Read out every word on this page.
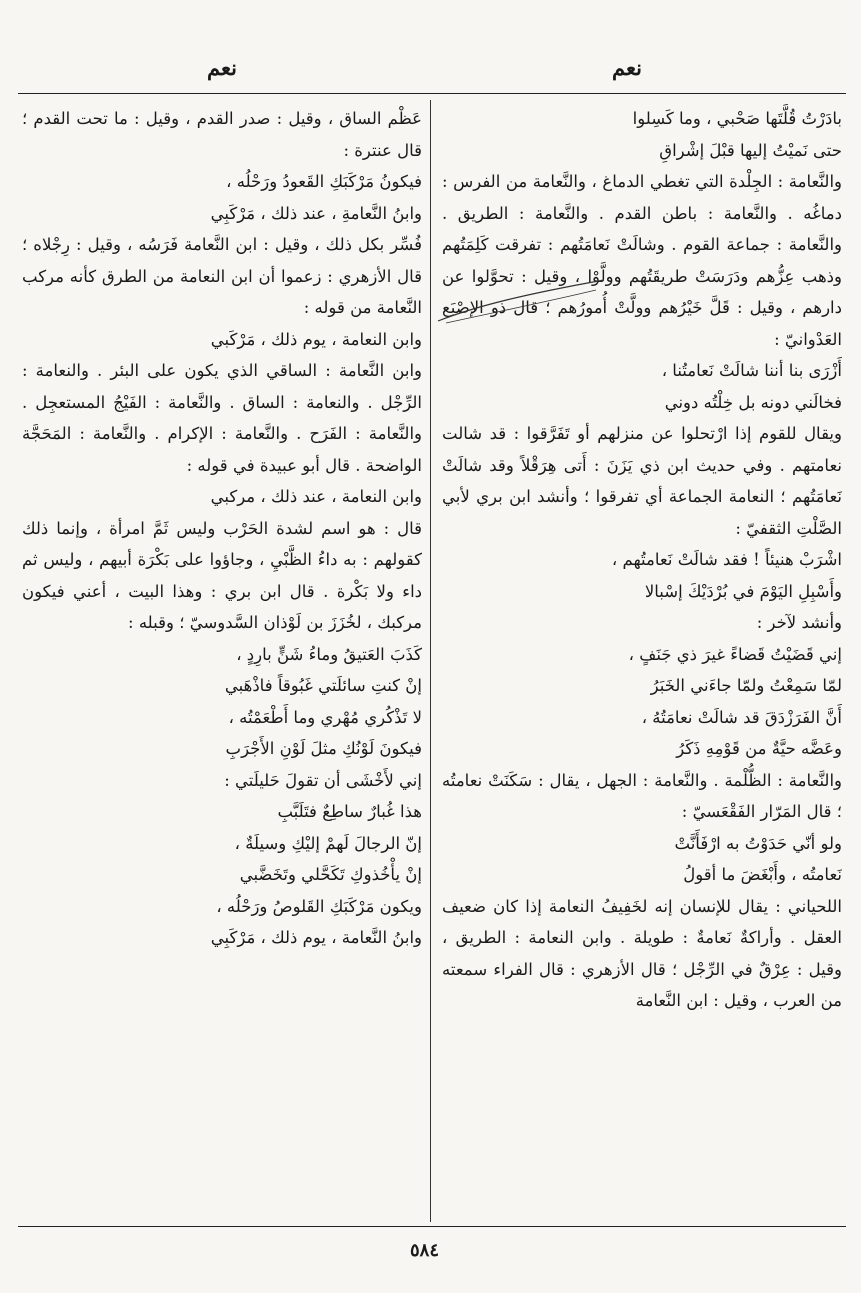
نعم
نعم

بادَرْتُ قُلَّتَها صَحْبي ، وما كَسِلوا

حتى نَميْتُ إليها قبْلَ إشْراقِ

والنَّعامة : الجِلْدة التي تغطي الدماغ ، والنَّعامة من الفرس : دماغُه . والنَّعامة : باطن القدم . والنَّعامة : الطريق . والنَّعامة : جماعة القوم . وشالَتْ نَعامَتُهم : تفرقت كَلِمَتُهم وذهب عِزُّهم ودَرَسَتْ طريقَتُهم وولَّوْا ، وقيل : تحوَّلوا عن دارهم ، وقيل : قَلَّ خَيْرُهم وولَّتْ أُمورُهم ؛ قال ذو الإصْبَع العَدْوانيّ :

أَزْرَى بنا أننا شالَتْ نَعامتُنا ،

فخالَني دونه بل خِلْتُه دوني

ويقال للقوم إذا ارْتحلوا عن منزلهم أو تَفَرَّقوا : قد شالت نعامتهم . وفي حديث ابن ذي يَزَنَ : أَتى هِرَقْلاً وقد شالَتْ نَعامَتُهم ؛ النعامة الجماعة أي تفرقوا ؛ وأنشد ابن بري لأبي الصَّلْتِ الثقفيّ :

اشْرَبْ هنيئاً ! فقد شالَتْ نَعامتُهم ،

وأَسْبِلِ اليَوْمَ في بُرْدَيْكَ إسْبالا

وأنشد لآخر :

إني قَضَيْتُ قَضاءً غيرَ ذي جَنَفٍ ،

لمّا سَمِعْتُ ولمّا جاءَني الخَبَرُ

أَنَّ الفَرَزْدَقَ قد شالَتْ نعامَتُهُ ،

وعَضَّه حيَّةٌ من قَوْمِهِ ذَكَرُ

والنَّعامة : الظُّلْمة . والنَّعامة : الجهل ، يقال : سَكَنَتْ نعامتُه ؛ قال المَرّار الفَقْعَسيّ :

ولو أنّي حَدَوْتُ به ارْفَأَنَّتْ

نَعامتُه ، وأَبْغَضَ ما أقولُ

اللحياني : يقال للإنسان إنه لخَفِيفُ النعامة إذا كان ضعيف العقل . وأراكةٌ نَعامةٌ : طويلة . وابن النعامة : الطريق ، وقيل : عِرْقٌ في الرِّجْل ؛ قال الأزهري : قال الفراء سمعته من العرب ، وقيل : ابن النَّعامة

عَظْم الساق ، وقيل : صدر القدم ، وقيل : ما تحت القدم ؛ قال عنترة :

فيكونُ مَرْكَبَكِ القَعودُ ورَحْلُه ،

وابنُ النَّعامةِ ، عند ذلك ، مَرْكَبِي

فُسِّر بكل ذلك ، وقيل : ابن النَّعامة فَرَسُه ، وقيل : رِجْلاه ؛ قال الأزهري : زعموا أن ابن النعامة من الطرق كأنه مركب النَّعامة من قوله :

وابن النعامة ، يوم ذلك ، مَرْكَبي

وابن النَّعامة : الساقي الذي يكون على البئر . والنعامة : الرِّجْل . والنعامة : الساق . والنَّعامة : الفَيْجُ المستعجِل . والنَّعامة : الفَرَح . والنَّعامة : الإكرام . والنَّعامة : المَحَجَّة الواضحة . قال أبو عبيدة في قوله :

وابن النعامة ، عند ذلك ، مركبي

قال : هو اسم لشدة الحَرْب وليس ثَمَّ امرأة ، وإنما ذلك كقولهم : به داءُ الظَّبْيِ ، وجاؤوا على بَكْرَة أبيهم ، وليس ثم داء ولا بَكْرة . قال ابن بري : وهذا البيت ، أعني فيكون مركبك ، لخُزَزَ بن لَوْذان السَّدوسيّ ؛ وقبله :

كَذَبَ العَتيقُ وماءُ شَنٍّ بارِدٍ ،

إنْ كنتِ سائلَتي غَبُوقاً فاذْهَبي

لا تَذْكُري مُهْري وما أَطْعَمْتُه ،

فيكونَ لَوْنُكِ مثلَ لَوْنِ الأَجْرَبِ

إني لأَخْشَى أن تقولَ حَليلَتي :

هذا غُبارٌ ساطِعٌ فتَلَبَّبِ

إنّ الرجالَ لَهمْ إليْكِ وسيلَةٌ ،

إنْ يأْخُذوكِ تَكَحَّلي وتَخَضَّبي

ويكون مَرْكَبَكِ القَلوصُ ورَحْلُه ،

وابنُ النَّعامة ، يوم ذلك ، مَرْكَبِي

٥٨٤
